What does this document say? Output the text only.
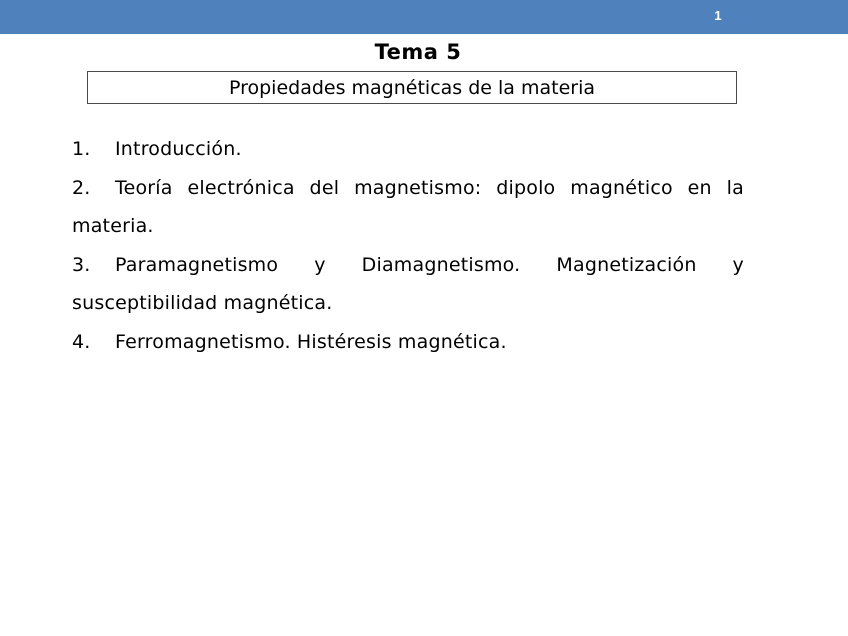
1
Tema 5
Propiedades magnéticas de la materia

1. Introducción.

2. Teoría electrónica del magnetismo: dipolo magnético en la materia.

3. Paramagnetismo y Diamagnetismo. Magnetización y susceptibilidad magnética.

4. Ferromagnetismo. Histéresis magnética.
